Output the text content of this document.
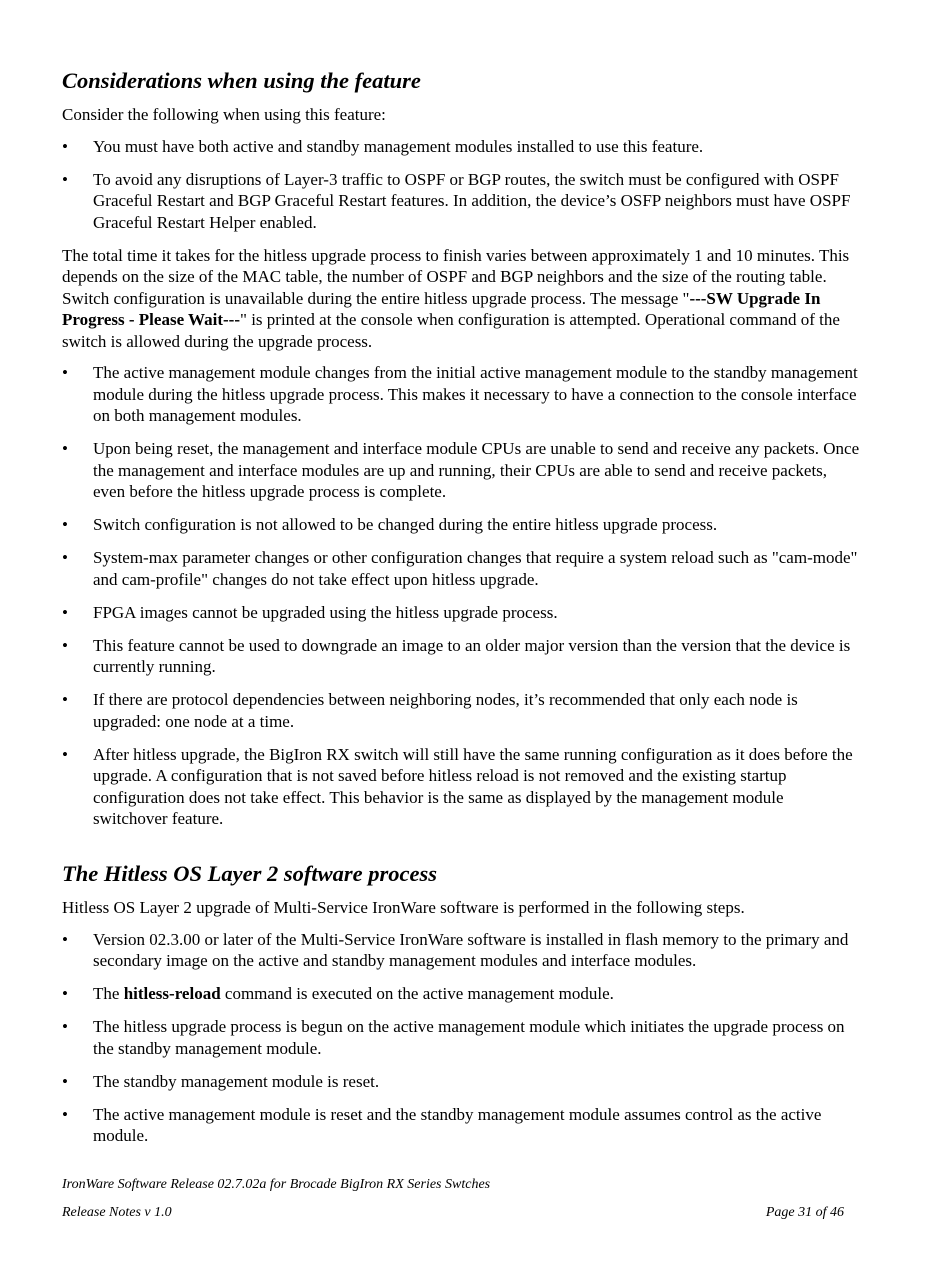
Considerations when using the feature

Consider the following when using this feature:

•	You must have both active and standby management modules installed to use this feature.
•	To avoid any disruptions of Layer-3 traffic to OSPF or BGP routes, the switch must be configured with OSPF Graceful Restart and BGP Graceful Restart features. In addition, the device’s OSFP neighbors must have OSPF Graceful Restart Helper enabled.

The total time it takes for the hitless upgrade process to finish varies between approximately 1 and 10 minutes. This depends on the size of the MAC table, the number of OSPF and BGP neighbors and the size of the routing table. Switch configuration is unavailable during the entire hitless upgrade process. The message "---SW Upgrade In Progress - Please Wait---" is printed at the console when configuration is attempted. Operational command of the switch is allowed during the upgrade process.

•	The active management module changes from the initial active management module to the standby management module during the hitless upgrade process. This makes it necessary to have a connection to the console interface on both management modules.
•	Upon being reset, the management and interface module CPUs are unable to send and receive any packets. Once the management and interface modules are up and running, their CPUs are able to send and receive packets, even before the hitless upgrade process is complete.
•	Switch configuration is not allowed to be changed during the entire hitless upgrade process.
•	System-max parameter changes or other configuration changes that require a system reload such as "cam-mode" and cam-profile" changes do not take effect upon hitless upgrade.
•	FPGA images cannot be upgraded using the hitless upgrade process.
•	This feature cannot be used to downgrade an image to an older major version than the version that the device is currently running.
•	If there are protocol dependencies between neighboring nodes, it’s recommended that only each node is upgraded: one node at a time.
•	After hitless upgrade, the BigIron RX switch will still have the same running configuration as it does before the upgrade. A configuration that is not saved before hitless reload is not removed and the existing startup configuration does not take effect. This behavior is the same as displayed by the management module switchover feature.
The Hitless OS Layer 2 software process

Hitless OS Layer 2 upgrade of Multi-Service IronWare software is performed in the following steps.

•	Version 02.3.00 or later of the Multi-Service IronWare software is installed in flash memory to the primary and secondary image on the active and standby management modules and interface modules.
•	The hitless-reload command is executed on the active management module.
•	The hitless upgrade process is begun on the active management module which initiates the upgrade process on the standby management module.
•	The standby management module is reset.
•	The active management module is reset and the standby management module assumes control as the active module.
IronWare Software Release 02.7.02a for Brocade BigIron RX Series Swtches
Release Notes v 1.0	Page 31 of 46
